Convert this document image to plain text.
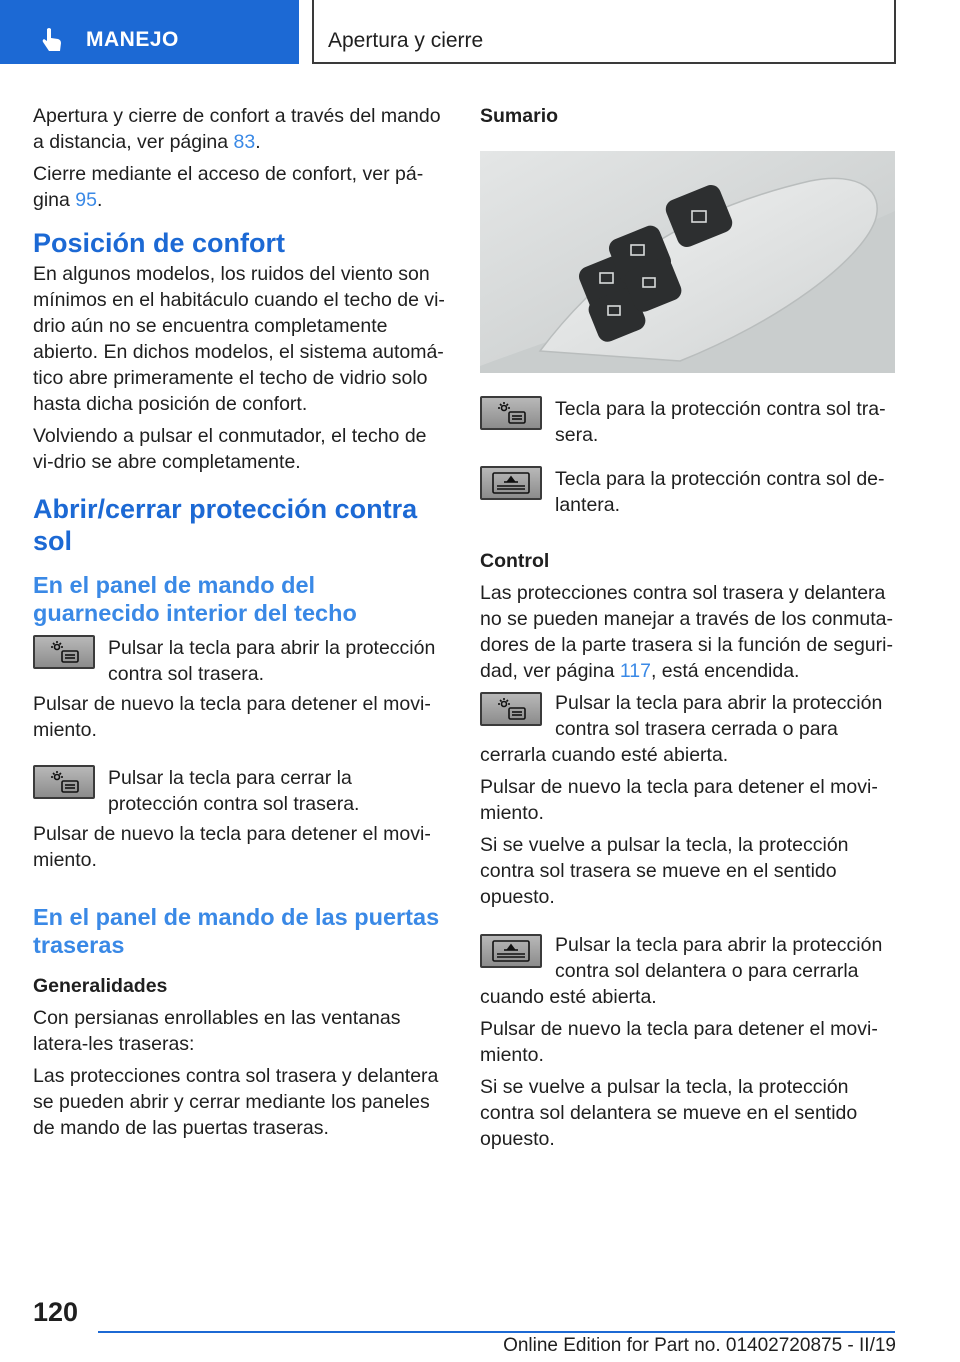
MANEJO	Apertura y cierre

Apertura y cierre de confort a través del mando a distancia, ver página 83.

Cierre mediante el acceso de confort, ver pá-gina 95.

Posición de confort

En algunos modelos, los ruidos del viento son mínimos en el habitáculo cuando el techo de vi-drio aún no se encuentra completamente abierto. En dichos modelos, el sistema automá-tico abre primeramente el techo de vidrio solo hasta dicha posición de confort.

Volviendo a pulsar el conmutador, el techo de vi-drio se abre completamente.

Abrir/cerrar protección contra sol
En el panel de mando del guarnecido interior del techo
Pulsar la tecla para abrir la protección contra sol trasera.

Pulsar de nuevo la tecla para detener el movi-miento.

Pulsar la tecla para cerrar la protección contra sol trasera.

Pulsar de nuevo la tecla para detener el movi-miento.

En el panel de mando de las puertas traseras
Generalidades

Con persianas enrollables en las ventanas latera-les traseras:

Las protecciones contra sol trasera y delantera se pueden abrir y cerrar mediante los paneles de mando de las puertas traseras.

Sumario
Tecla para la protección contra sol tra-sera.
Tecla para la protección contra sol de-lantera.
Control

Las protecciones contra sol trasera y delantera no se pueden manejar a través de los conmuta-dores de la parte trasera si la función de seguri-dad, ver página 117, está encendida.

Pulsar la tecla para abrir la protección contra sol trasera cerrada o para cerrarla cuando esté abierta.

Pulsar de nuevo la tecla para detener el movi-miento.

Si se vuelve a pulsar la tecla, la protección contra sol trasera se mueve en el sentido opuesto.

Pulsar la tecla para abrir la protección contra sol delantera o para cerrarla cuando esté abierta.

Pulsar de nuevo la tecla para detener el movi-miento.

Si se vuelve a pulsar la tecla, la protección contra sol delantera se mueve en el sentido opuesto.

120
Online Edition for Part no. 01402720875 - II/19
